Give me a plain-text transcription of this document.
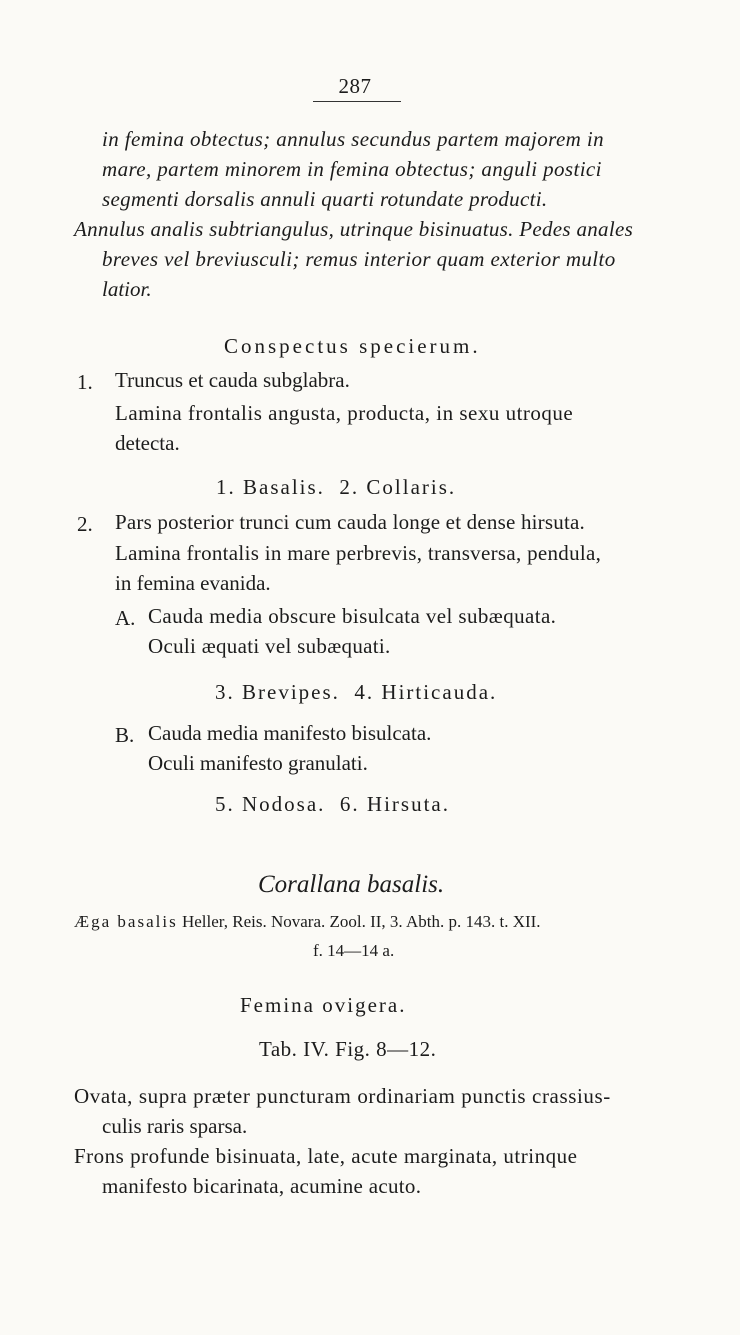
287
in femina obtectus; annulus secundus partem majorem in
mare, partem minorem in femina obtectus; anguli postici
segmenti dorsalis annuli quarti rotundate producti.
Annulus analis subtriangulus, utrinque bisinuatus. Pedes anales
breves vel breviusculi; remus interior quam exterior multo
latior.
Conspectus specierum.
1. Truncus et cauda subglabra.
Lamina frontalis angusta, producta, in sexu utroque
detecta.
1. Basalis.  2. Collaris.
2. Pars posterior trunci cum cauda longe et dense hirsuta.
Lamina frontalis in mare perbrevis, transversa, pendula,
in femina evanida.
A. Cauda media obscure bisulcata vel subæquata.
Oculi æquati vel subæquati.
3. Brevipes.  4. Hirticauda.
B. Cauda media manifesto bisulcata.
Oculi manifesto granulati.
5. Nodosa.  6. Hirsuta.
Corallana basalis.
Æga basalis Heller, Reis. Novara. Zool. II, 3. Abth. p. 143. t. XII.
f. 14—14 a.
Femina ovigera.
Tab. IV. Fig. 8—12.
Ovata, supra præter puncturam ordinariam punctis crassius-
culis raris sparsa.
Frons profunde bisinuata, late, acute marginata, utrinque
manifesto bicarinata, acumine acuto.
